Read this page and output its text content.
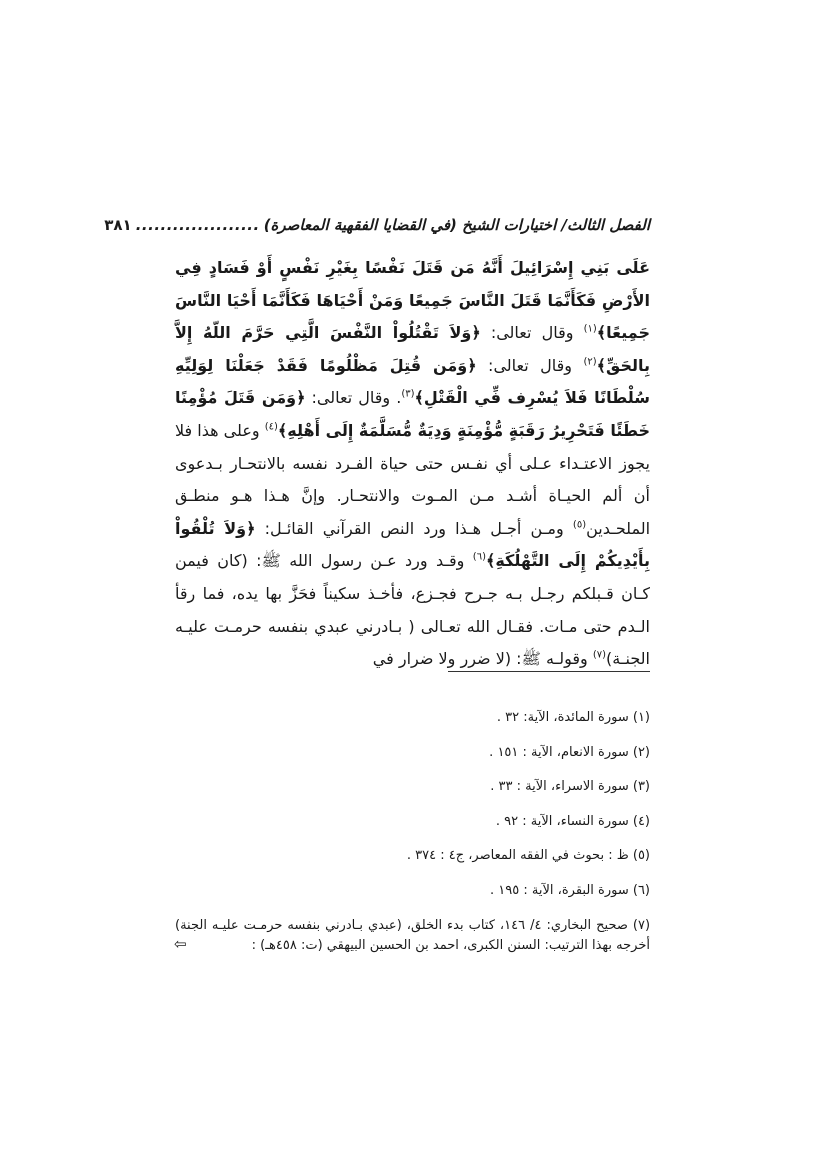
الفصل الثالث/ اختيارات الشيخ (في القضايا الفقهية المعاصرة)
....................
٣٨١
عَلَى بَنِي إِسْرَائِيلَ أَنَّهُ مَن قَتَلَ نَفْسًا بِغَيْرِ نَفْسٍ أَوْ فَسَادٍ فِي الأَرْضِ فَكَأَنَّمَا قَتَلَ النَّاسَ جَمِيعًا وَمَنْ أَحْيَاهَا فَكَأَنَّمَا أَحْيَا النَّاسَ جَمِيعًا﴾$^{(١)}$ وقال تعالى: ﴿وَلاَ تَقْتُلُواْ النَّفْسَ الَّتِي حَرَّمَ اللّهُ إِلاَّ بِالحَقِّ﴾$^{(٢)}$ وقال تعالى: ﴿وَمَن قُتِلَ مَظْلُومًا فَقَدْ جَعَلْنَا لِوَلِيِّهِ سُلْطَانًا فَلاَ يُسْرِف فِّي الْقَتْلِ﴾$^{(٣)}$. وقال تعالى: ﴿وَمَن قَتَلَ مُؤْمِنًا خَطَئًا فَتَحْرِيرُ رَقَبَةٍ مُّؤْمِنَةٍ وَدِيَةٌ مُّسَلَّمَةٌ إِلَى أَهْلِهِ﴾$^{(٤)}$ وعلى هذا فلا يجوز الاعتـداء عـلى أي نفـس حتى حياة الفـرد نفسه بالانتحـار بـدعوى أن ألم الحيـاة أشـد مـن المـوت والانتحـار. وإنَّ هـذا هـو منطـق الملحـدين$^{(٥)}$ ومـن أجـل هـذا ورد النص القرآني القائـل: ﴿وَلاَ تُلْقُواْ بِأَيْدِيكُمْ إِلَى التَّهْلُكَةِ﴾$^{(٦)}$ وقـد ورد عـن رسول الله ﷺ: (كان فيمن كـان قـبلكم رجـل بـه جـرح فجـزع، فأخـذ سكيناً فحَزَّ بها يده، فما رقأ الـدم حتى مـات. فقـال الله تعـالى ( بـادرني عبدي بنفسه حرمـت عليـه الجنـة)$^{(٧)}$ وقولـه ﷺ: (لا ضرر ولا ضرار في
(١) سورة المائدة، الآية: ٣٢ .
(٢) سورة الانعام، الآية : ١٥١ .
(٣) سورة الاسراء، الآية : ٣٣ .
(٤) سورة النساء، الآية : ٩٢ .
(٥) ظ : بحوث في الفقه المعاصر، ج٤ : ٣٧٤ .
(٦) سورة البقرة، الآية : ١٩٥ .
(٧) صحيح البخاري: ٤/ ١٤٦، كتاب بدء الخلق، (عبدي بـادرني بنفسه حرمـت عليـه الجنة) أخرجه بهذا الترتيب: السنن الكبرى، احمد بن الحسين البيهقي (ت: ٤٥٨هـ) :
⇦
